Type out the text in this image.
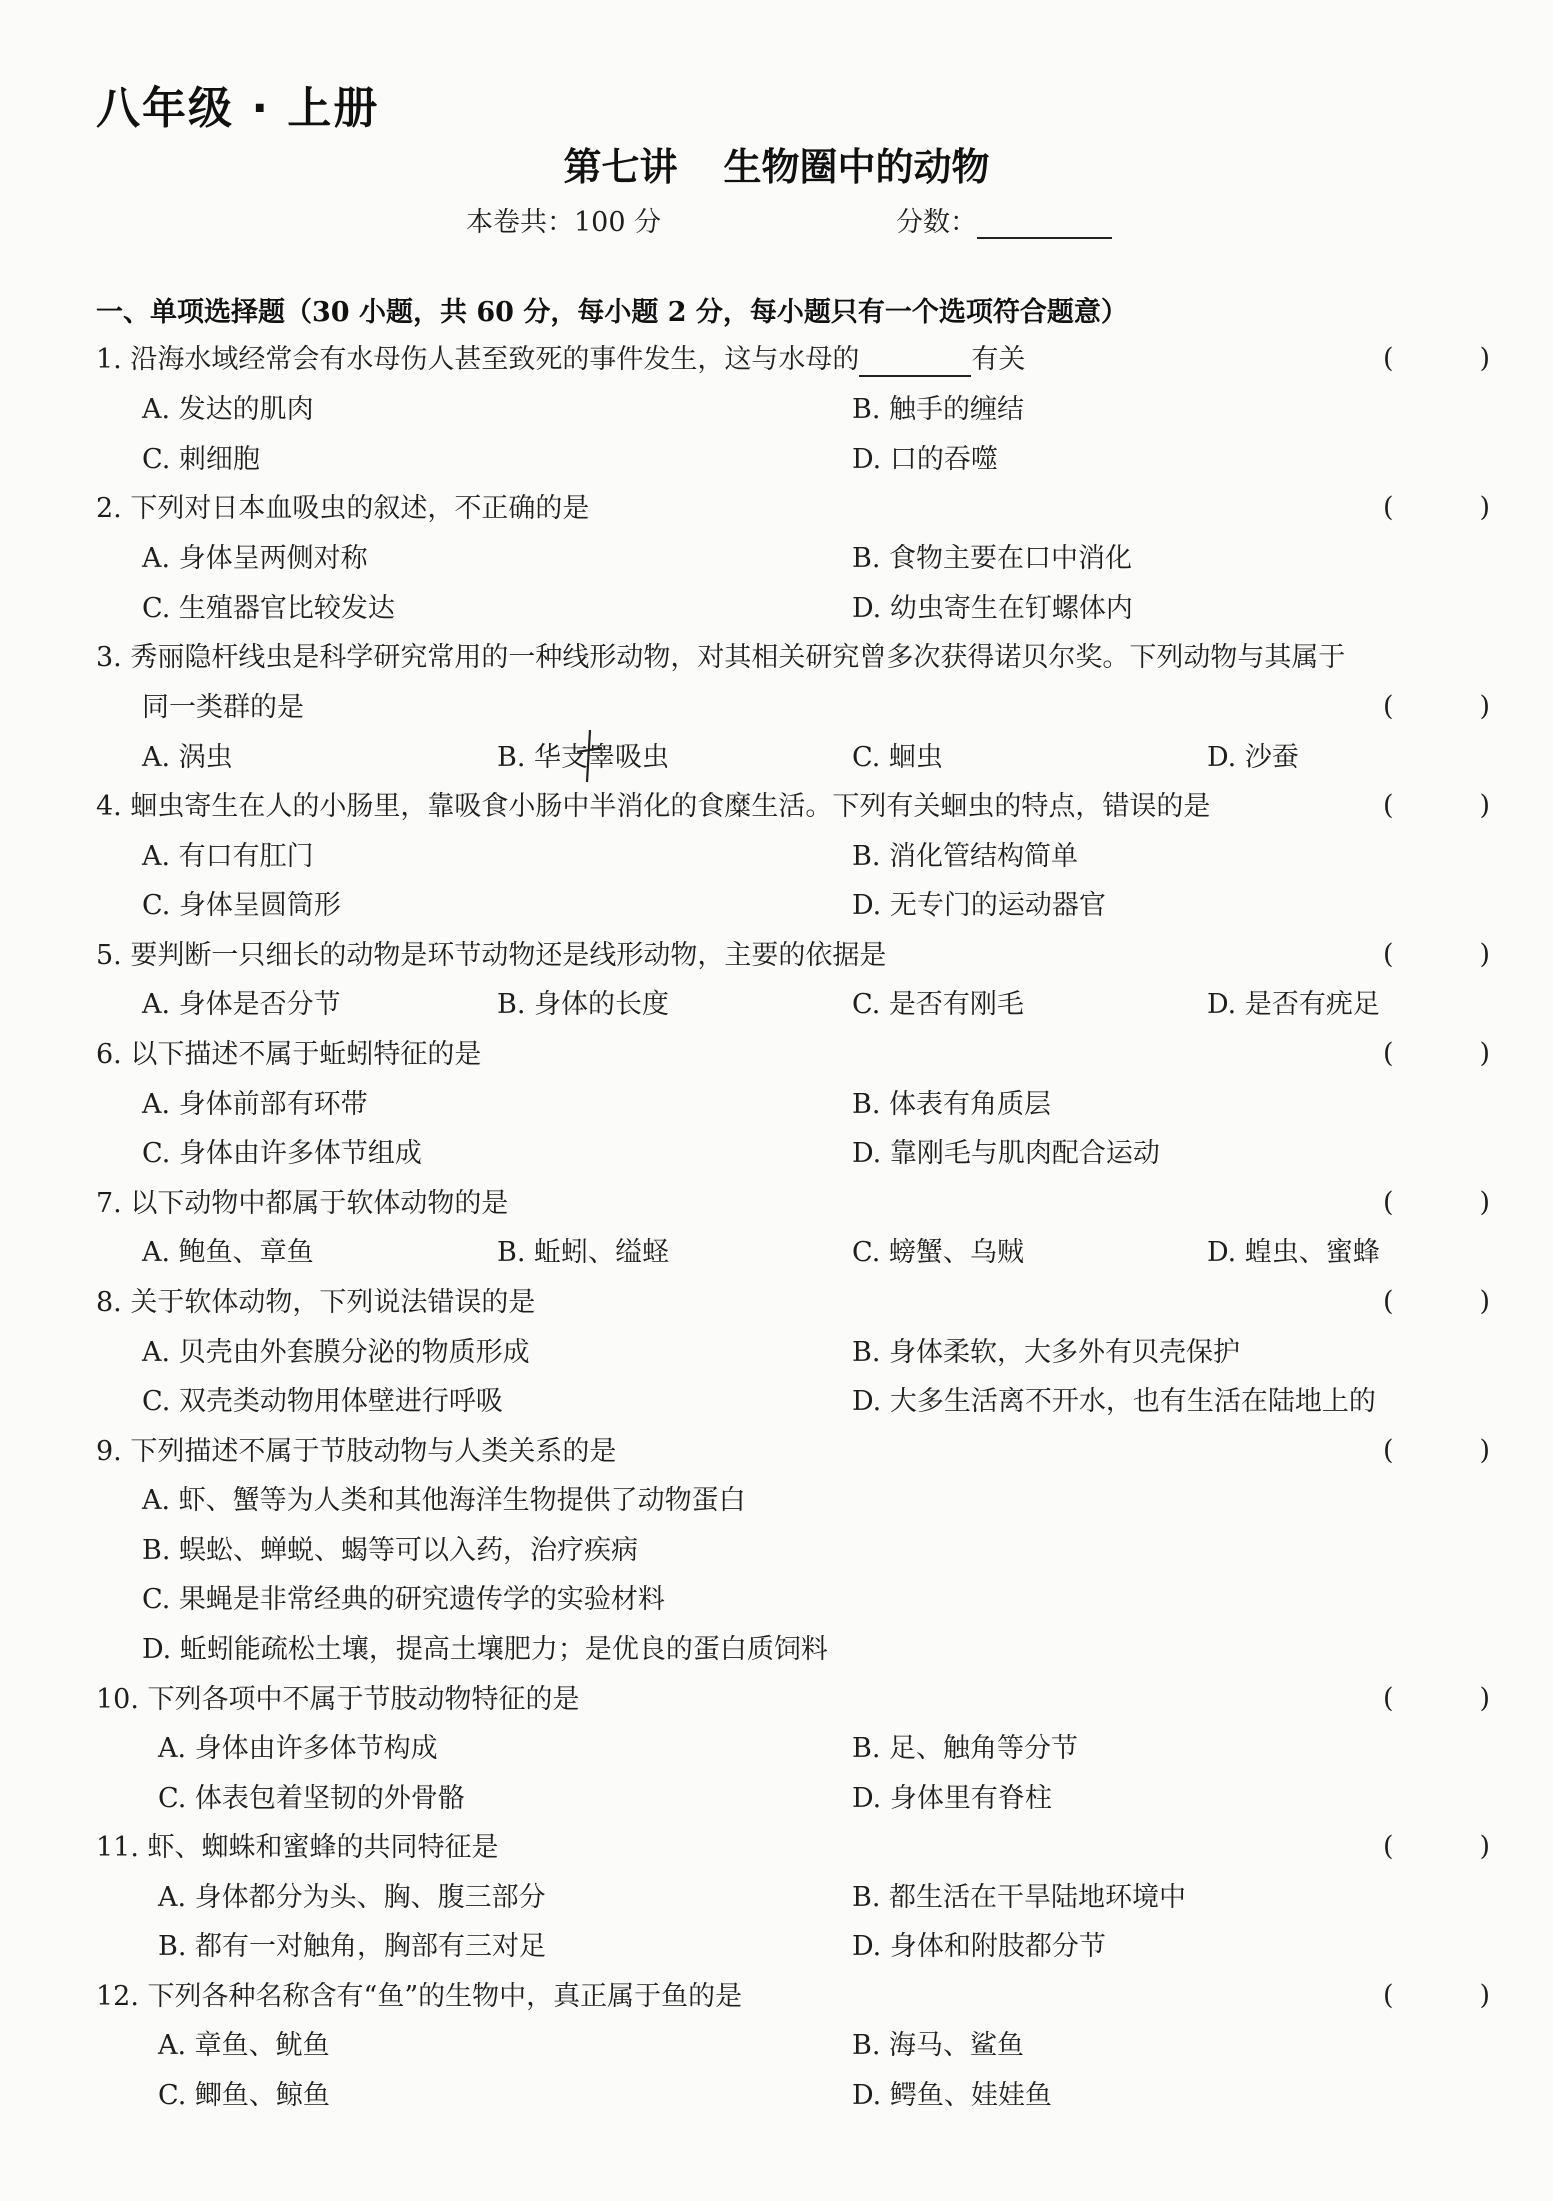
八年级 · 上册
第七讲 生物圈中的动物
本卷共：100 分	分数：
一、单项选择题（30 小题，共 60 分，每小题 2 分，每小题只有一个选项符合题意）
1. 沿海水域经常会有水母伤人甚至致死的事件发生，这与水母的	有关	(	)
A. 发达的肌肉	B. 触手的缠结
C. 刺细胞	D. 口的吞噬
2. 下列对日本血吸虫的叙述，不正确的是	(	)
A. 身体呈两侧对称	B. 食物主要在口中消化
C. 生殖器官比较发达	D. 幼虫寄生在钉螺体内
3. 秀丽隐杆线虫是科学研究常用的一种线形动物，对其相关研究曾多次获得诺贝尔奖。下列动物与其属于
同一类群的是	(	)
A. 涡虫	B. 华支睾吸虫	C. 蛔虫	D. 沙蚕
4. 蛔虫寄生在人的小肠里，靠吸食小肠中半消化的食糜生活。下列有关蛔虫的特点，错误的是	(	)
A. 有口有肛门	B. 消化管结构简单
C. 身体呈圆筒形	D. 无专门的运动器官
5. 要判断一只细长的动物是环节动物还是线形动物，主要的依据是	(	)
A. 身体是否分节	B. 身体的长度	C. 是否有刚毛	D. 是否有疣足
6. 以下描述不属于蚯蚓特征的是	(	)
A. 身体前部有环带	B. 体表有角质层
C. 身体由许多体节组成	D. 靠刚毛与肌肉配合运动
7. 以下动物中都属于软体动物的是	(	)
A. 鲍鱼、章鱼	B. 蚯蚓、缢蛏	C. 螃蟹、乌贼	D. 蝗虫、蜜蜂
8. 关于软体动物，下列说法错误的是	(	)
A. 贝壳由外套膜分泌的物质形成	B. 身体柔软，大多外有贝壳保护
C. 双壳类动物用体壁进行呼吸	D. 大多生活离不开水，也有生活在陆地上的
9. 下列描述不属于节肢动物与人类关系的是	(	)
A. 虾、蟹等为人类和其他海洋生物提供了动物蛋白
B. 蜈蚣、蝉蜕、蝎等可以入药，治疗疾病
C. 果蝇是非常经典的研究遗传学的实验材料
D. 蚯蚓能疏松土壤，提高土壤肥力；是优良的蛋白质饲料
10. 下列各项中不属于节肢动物特征的是	(	)
A. 身体由许多体节构成	B. 足、触角等分节
C. 体表包着坚韧的外骨骼	D. 身体里有脊柱
11. 虾、蜘蛛和蜜蜂的共同特征是	(	)
A. 身体都分为头、胸、腹三部分	B. 都生活在干旱陆地环境中
B. 都有一对触角，胸部有三对足	D. 身体和附肢都分节
12. 下列各种名称含有“鱼”的生物中，真正属于鱼的是	(	)
A. 章鱼、鱿鱼	B. 海马、鲨鱼
C. 鲫鱼、鲸鱼	D. 鳄鱼、娃娃鱼
